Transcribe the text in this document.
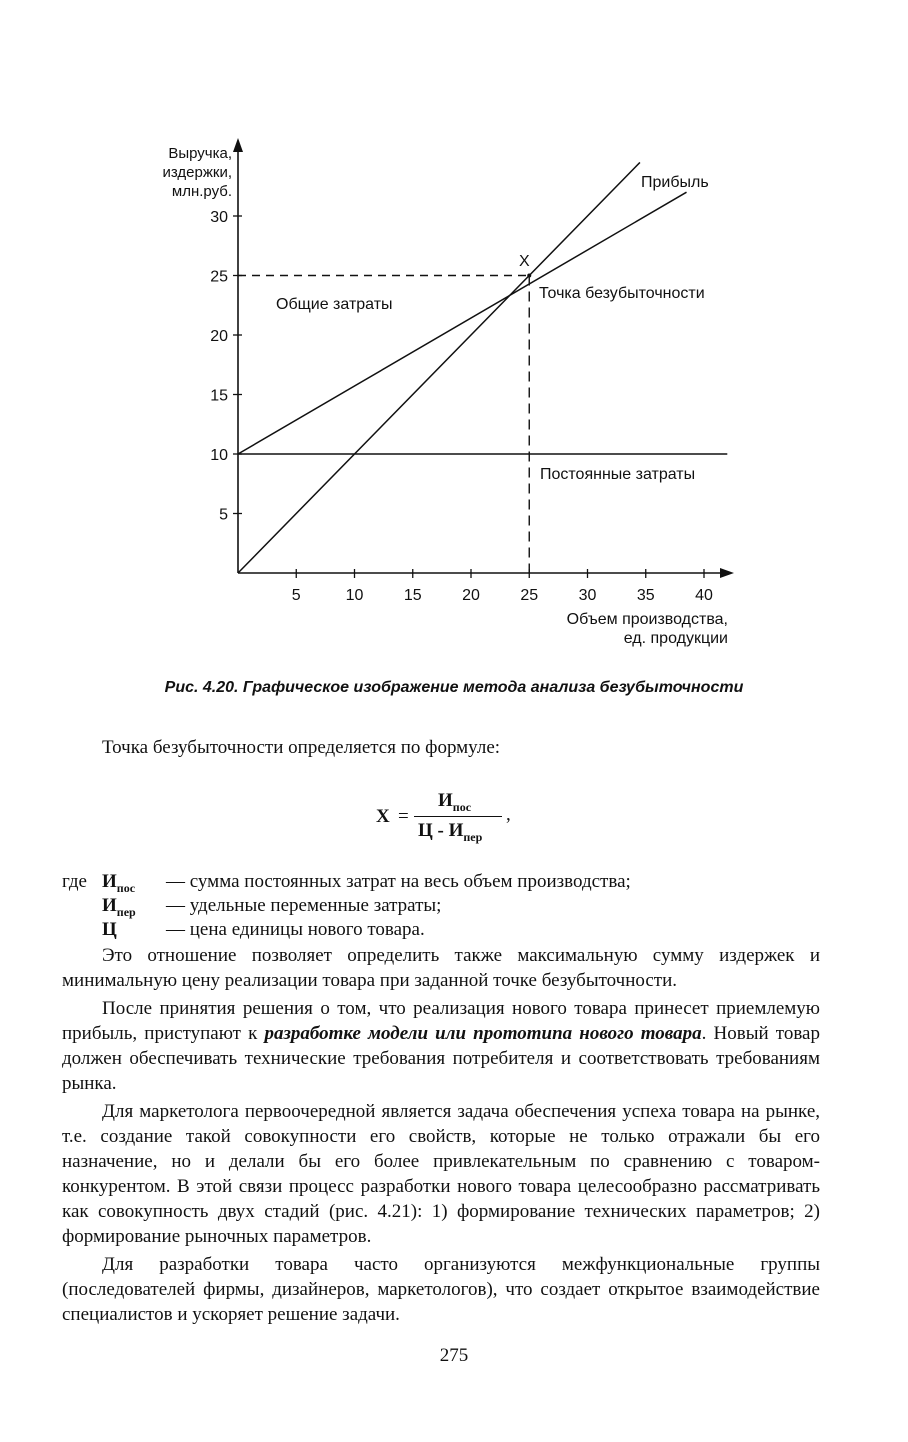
5
10
15
20
25
30
5	10	15	20	25	30	35	40
Выручка,
издержки,
млн.руб.
Объем производства,
ед. продукции
X
Прибыль
Общие затраты
Точка безубыточности
Постоянные затраты
Рис. 4.20. Графическое изображение метода анализа безубыточности

Точка безубыточности определяется по формуле:

X =
$И_{пос}$
Ц - $И_{пер}$
,
где $И_{пос}$ — сумма постоянных затрат на весь объем производства;
$И_{пер}$ — удельные переменные затраты;
Ц	— цена единицы нового товара.

Это отношение позволяет определить также максимальную сумму издержек и минимальную цену реализации товара при заданной точке безубыточности.

После принятия решения о том, что реализация нового товара принесет приемлемую прибыль, приступают к разработке модели или прототипа нового товара. Новый товар должен обеспечивать технические требования потребителя и соответствовать требованиям рынка.

Для маркетолога первоочередной является задача обеспечения успеха товара на рынке, т.е. создание такой совокупности его свойств, которые не только отражали бы его назначение, но и делали бы его более привлекательным по сравнению с товаром-конкурентом. В этой связи процесс разработки нового товара целесообразно рассматривать как совокупность двух стадий (рис. 4.21): 1) формирование технических параметров; 2) формирование рыночных параметров.

Для разработки товара часто организуются межфункциональные группы (последователей фирмы, дизайнеров, маркетологов), что создает открытое взаимодействие специалистов и ускоряет решение задачи.

275
